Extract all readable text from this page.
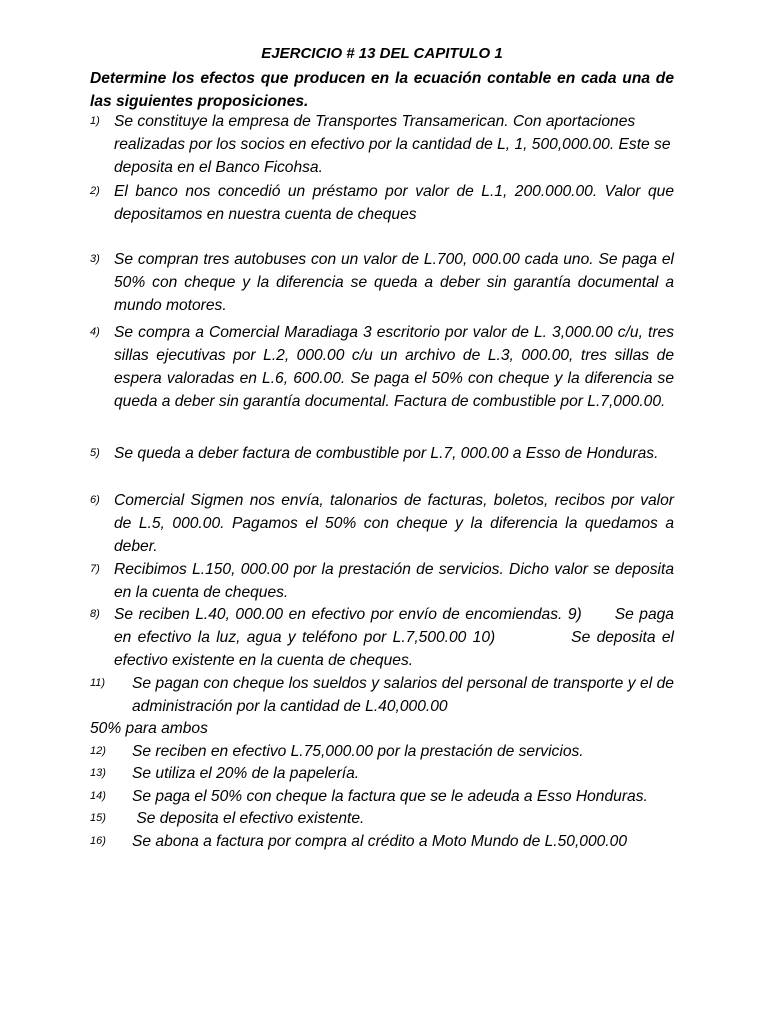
EJERCICIO # 13 DEL CAPITULO 1
Determine los efectos que producen en la ecuación contable en cada una de las siguientes proposiciones.
1) Se constituye la empresa de Transportes Transamerican. Con aportaciones realizadas por los socios en efectivo por la cantidad de L, 1, 500,000.00. Este se deposita en el Banco Ficohsa.
2) El banco nos concedió un préstamo por valor de L.1, 200.000.00. Valor que depositamos en nuestra cuenta de cheques
3) Se compran tres autobuses con un valor de L.700, 000.00 cada uno. Se paga el 50% con cheque y la diferencia se queda a deber sin garantía documental a mundo motores.
4) Se compra a Comercial Maradiaga 3 escritorio por valor de L. 3,000.00 c/u, tres sillas ejecutivas por L.2, 000.00 c/u un archivo de L.3, 000.00, tres sillas de espera valoradas en L.6, 600.00. Se paga el 50% con cheque y la diferencia se queda a deber sin garantía documental. Factura de combustible por L.7,000.00.
5) Se queda a deber factura de combustible por L.7, 000.00 a Esso de Honduras.
6) Comercial Sigmen nos envía, talonarios de facturas, boletos, recibos por valor de L.5, 000.00. Pagamos el 50% con cheque y la diferencia la quedamos a deber.
7) Recibimos L.150, 000.00 por la prestación de servicios. Dicho valor se deposita en la cuenta de cheques.
8) Se reciben L.40, 000.00 en efectivo por envío de encomiendas. 9)      Se paga en efectivo la luz, agua y teléfono por L.7,500.00 10)            Se deposita el efectivo existente en la cuenta de cheques.
11) Se pagan con cheque los sueldos y salarios del personal de transporte y el de administración por la cantidad de L.40,000.00
50% para ambos
12) Se reciben en efectivo L.75,000.00 por la prestación de servicios.
13) Se utiliza el 20% de la papelería.
14) Se paga el 50% con cheque la factura que se le adeuda a Esso Honduras.
15) Se deposita el efectivo existente.
16) Se abona a factura por compra al crédito a Moto Mundo de L.50,000.00
